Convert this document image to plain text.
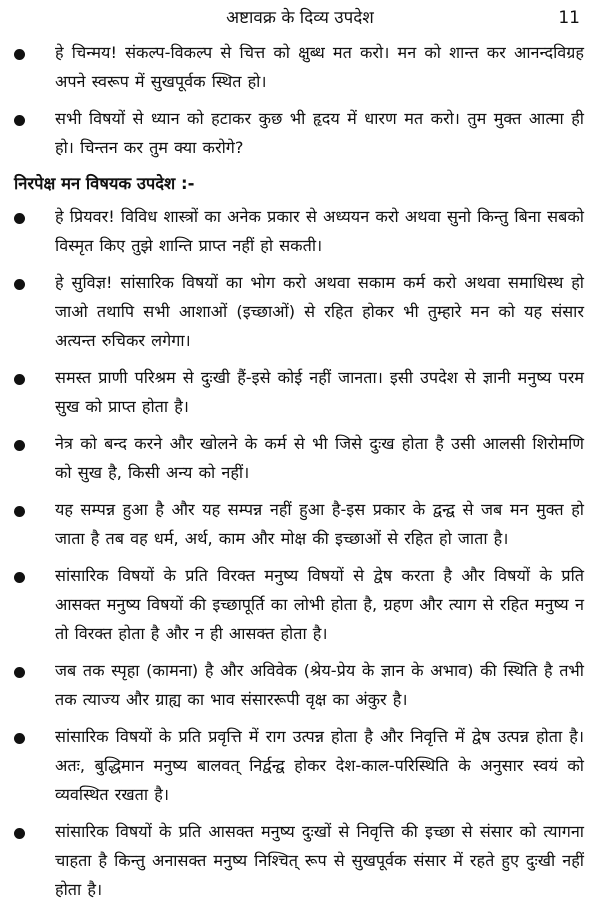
अष्टावक्र के दिव्य उपदेश	11
हे चिन्मय! संकल्प-विकल्प से चित्त को क्षुब्ध मत करो। मन को शान्त कर आनन्दविग्रह अपने स्वरूप में सुखपूर्वक स्थित हो।
सभी विषयों से ध्यान को हटाकर कुछ भी हृदय में धारण मत करो। तुम मुक्त आत्मा ही हो। चिन्तन कर तुम क्या करोगे?
निरपेक्ष मन विषयक उपदेश :-
हे प्रियवर! विविध शास्त्रों का अनेक प्रकार से अध्ययन करो अथवा सुनो किन्तु बिना सबको विस्मृत किए तुझे शान्ति प्राप्त नहीं हो सकती।
हे सुविज्ञ! सांसारिक विषयों का भोग करो अथवा सकाम कर्म करो अथवा समाधिस्थ हो जाओ तथापि सभी आशाओं (इच्छाओं) से रहित होकर भी तुम्हारे मन को यह संसार अत्यन्त रुचिकर लगेगा।
समस्त प्राणी परिश्रम से दुःखी हैं-इसे कोई नहीं जानता। इसी उपदेश से ज्ञानी मनुष्य परम सुख को प्राप्त होता है।
नेत्र को बन्द करने और खोलने के कर्म से भी जिसे दुःख होता है उसी आलसी शिरोमणि को सुख है, किसी अन्य को नहीं।
यह सम्पन्न हुआ है और यह सम्पन्न नहीं हुआ है-इस प्रकार के द्वन्द्व से जब मन मुक्त हो जाता है तब वह धर्म, अर्थ, काम और मोक्ष की इच्छाओं से रहित हो जाता है।
सांसारिक विषयों के प्रति विरक्त मनुष्य विषयों से द्वेष करता है और विषयों के प्रति आसक्त मनुष्य विषयों की इच्छापूर्ति का लोभी होता है, ग्रहण और त्याग से रहित मनुष्य न तो विरक्त होता है और न ही आसक्त होता है।
जब तक स्पृहा (कामना) है और अविवेक (श्रेय-प्रेय के ज्ञान के अभाव) की स्थिति है तभी तक त्याज्य और ग्राह्य का भाव संसाररूपी वृक्ष का अंकुर है।
सांसारिक विषयों के प्रति प्रवृत्ति में राग उत्पन्न होता है और निवृत्ति में द्वेष उत्पन्न होता है। अतः, बुद्धिमान मनुष्य बालवत् निर्द्वन्द्व होकर देश-काल-परिस्थिति के अनुसार स्वयं को व्यवस्थित रखता है।
सांसारिक विषयों के प्रति आसक्त मनुष्य दुःखों से निवृत्ति की इच्छा से संसार को त्यागना चाहता है किन्तु अनासक्त मनुष्य निश्चित् रूप से सुखपूर्वक संसार में रहते हुए दुःखी नहीं होता है।
